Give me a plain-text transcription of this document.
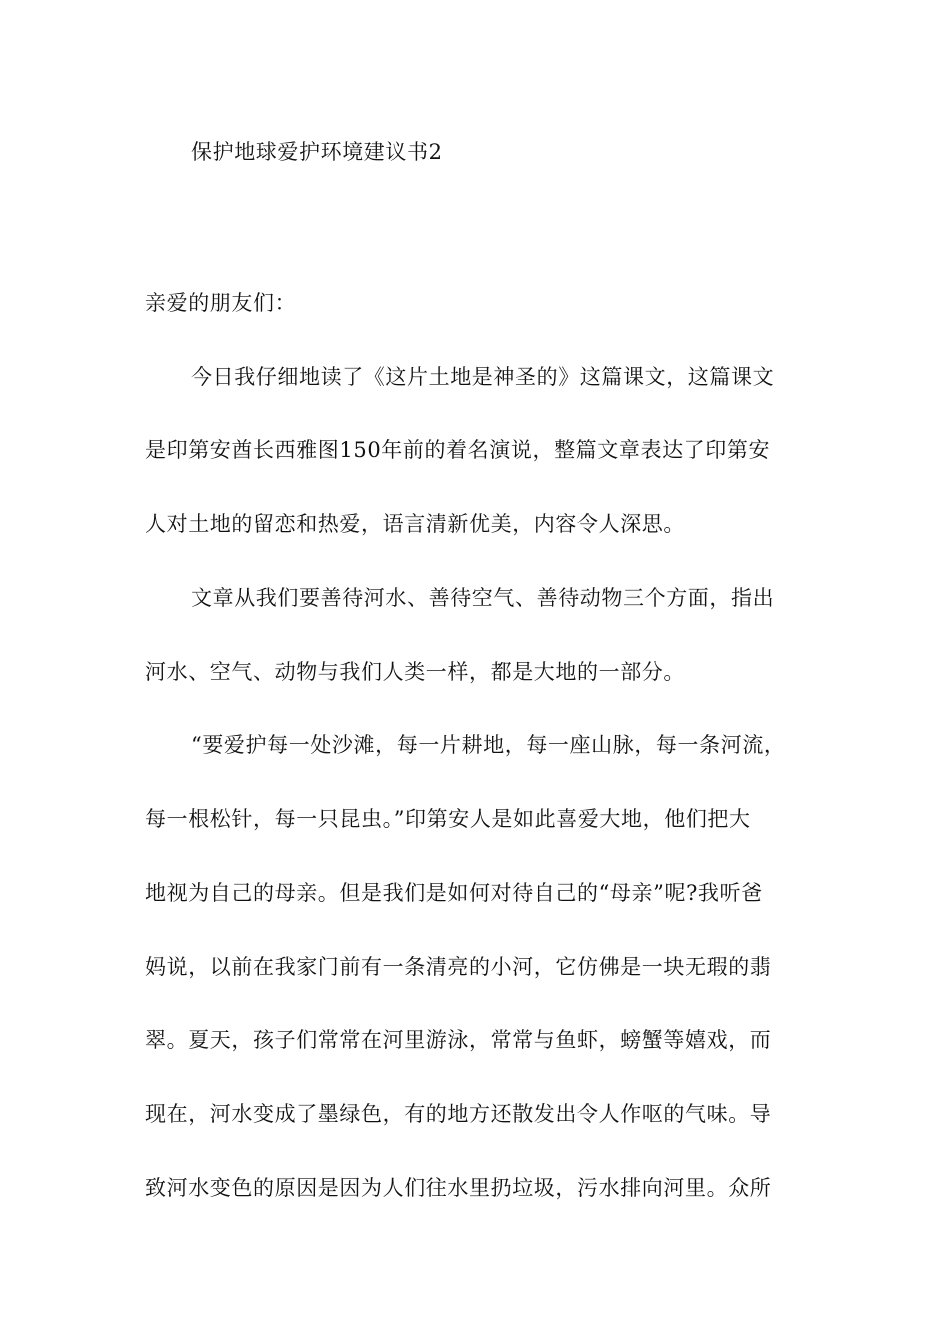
保护地球爱护环境建议书2
亲爱的朋友们：
今日我仔细地读了《这片土地是神圣的》这篇课文，这篇课文
是印第安酋长西雅图150年前的着名演说，整篇文章表达了印第安
人对土地的留恋和热爱，语言清新优美，内容令人深思。
文章从我们要善待河水、善待空气、善待动物三个方面，指出
河水、空气、动物与我们人类一样，都是大地的一部分。
“要爱护每一处沙滩，每一片耕地，每一座山脉，每一条河流，
每一根松针，每一只昆虫。”印第安人是如此喜爱大地，他们把大
地视为自己的母亲。但是我们是如何对待自己的“母亲”呢?我听爸
妈说，以前在我家门前有一条清亮的小河，它仿佛是一块无瑕的翡
翠。夏天，孩子们常常在河里游泳，常常与鱼虾，螃蟹等嬉戏，而
现在，河水变成了墨绿色，有的地方还散发出令人作呕的气味。导
致河水变色的原因是因为人们往水里扔垃圾，污水排向河里。众所
